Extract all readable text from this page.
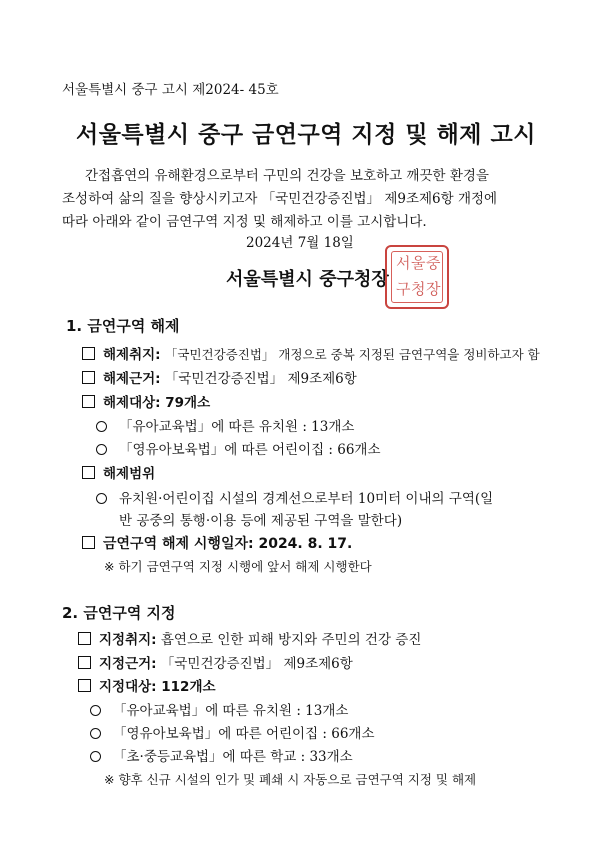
서울특별시 중구 고시 제2024- 45호
서울특별시 중구 금연구역 지정 및 해제 고시
간접흡연의 유해환경으로부터 구민의 건강을 보호하고 깨끗한 환경을
조성하여 삶의 질을 향상시키고자 「국민건강증진법」 제9조제6항 개정에
따라 아래와 같이 금연구역 지정 및 해제하고 이를 고시합니다.
2024년 7월 18일
서울특별시 중구청장
서 울 중
구 청 장
1. 금연구역 해제
해제취지: 「국민건강증진법」 개정으로 중복 지정된 금연구역을 정비하고자 함
해제근거: 「국민건강증진법」 제9조제6항
해제대상: 79개소
「유아교육법」에 따른 유치원 : 13개소
「영유아보육법」에 따른 어린이집 : 66개소
해제범위
유치원·어린이집 시설의 경계선으로부터 10미터 이내의 구역(일
반 공중의 통행·이용 등에 제공된 구역을 말한다)
금연구역 해제 시행일자: 2024. 8. 17.
※ 하기 금연구역 지정 시행에 앞서 해제 시행한다
2. 금연구역 지정
지정취지: 흡연으로 인한 피해 방지와 주민의 건강 증진
지정근거: 「국민건강증진법」 제9조제6항
지정대상: 112개소
「유아교육법」에 따른 유치원 : 13개소
「영유아보육법」에 따른 어린이집 : 66개소
「초·중등교육법」에 따른 학교 : 33개소
※ 향후 신규 시설의 인가 및 폐쇄 시 자동으로 금연구역 지정 및 해제
